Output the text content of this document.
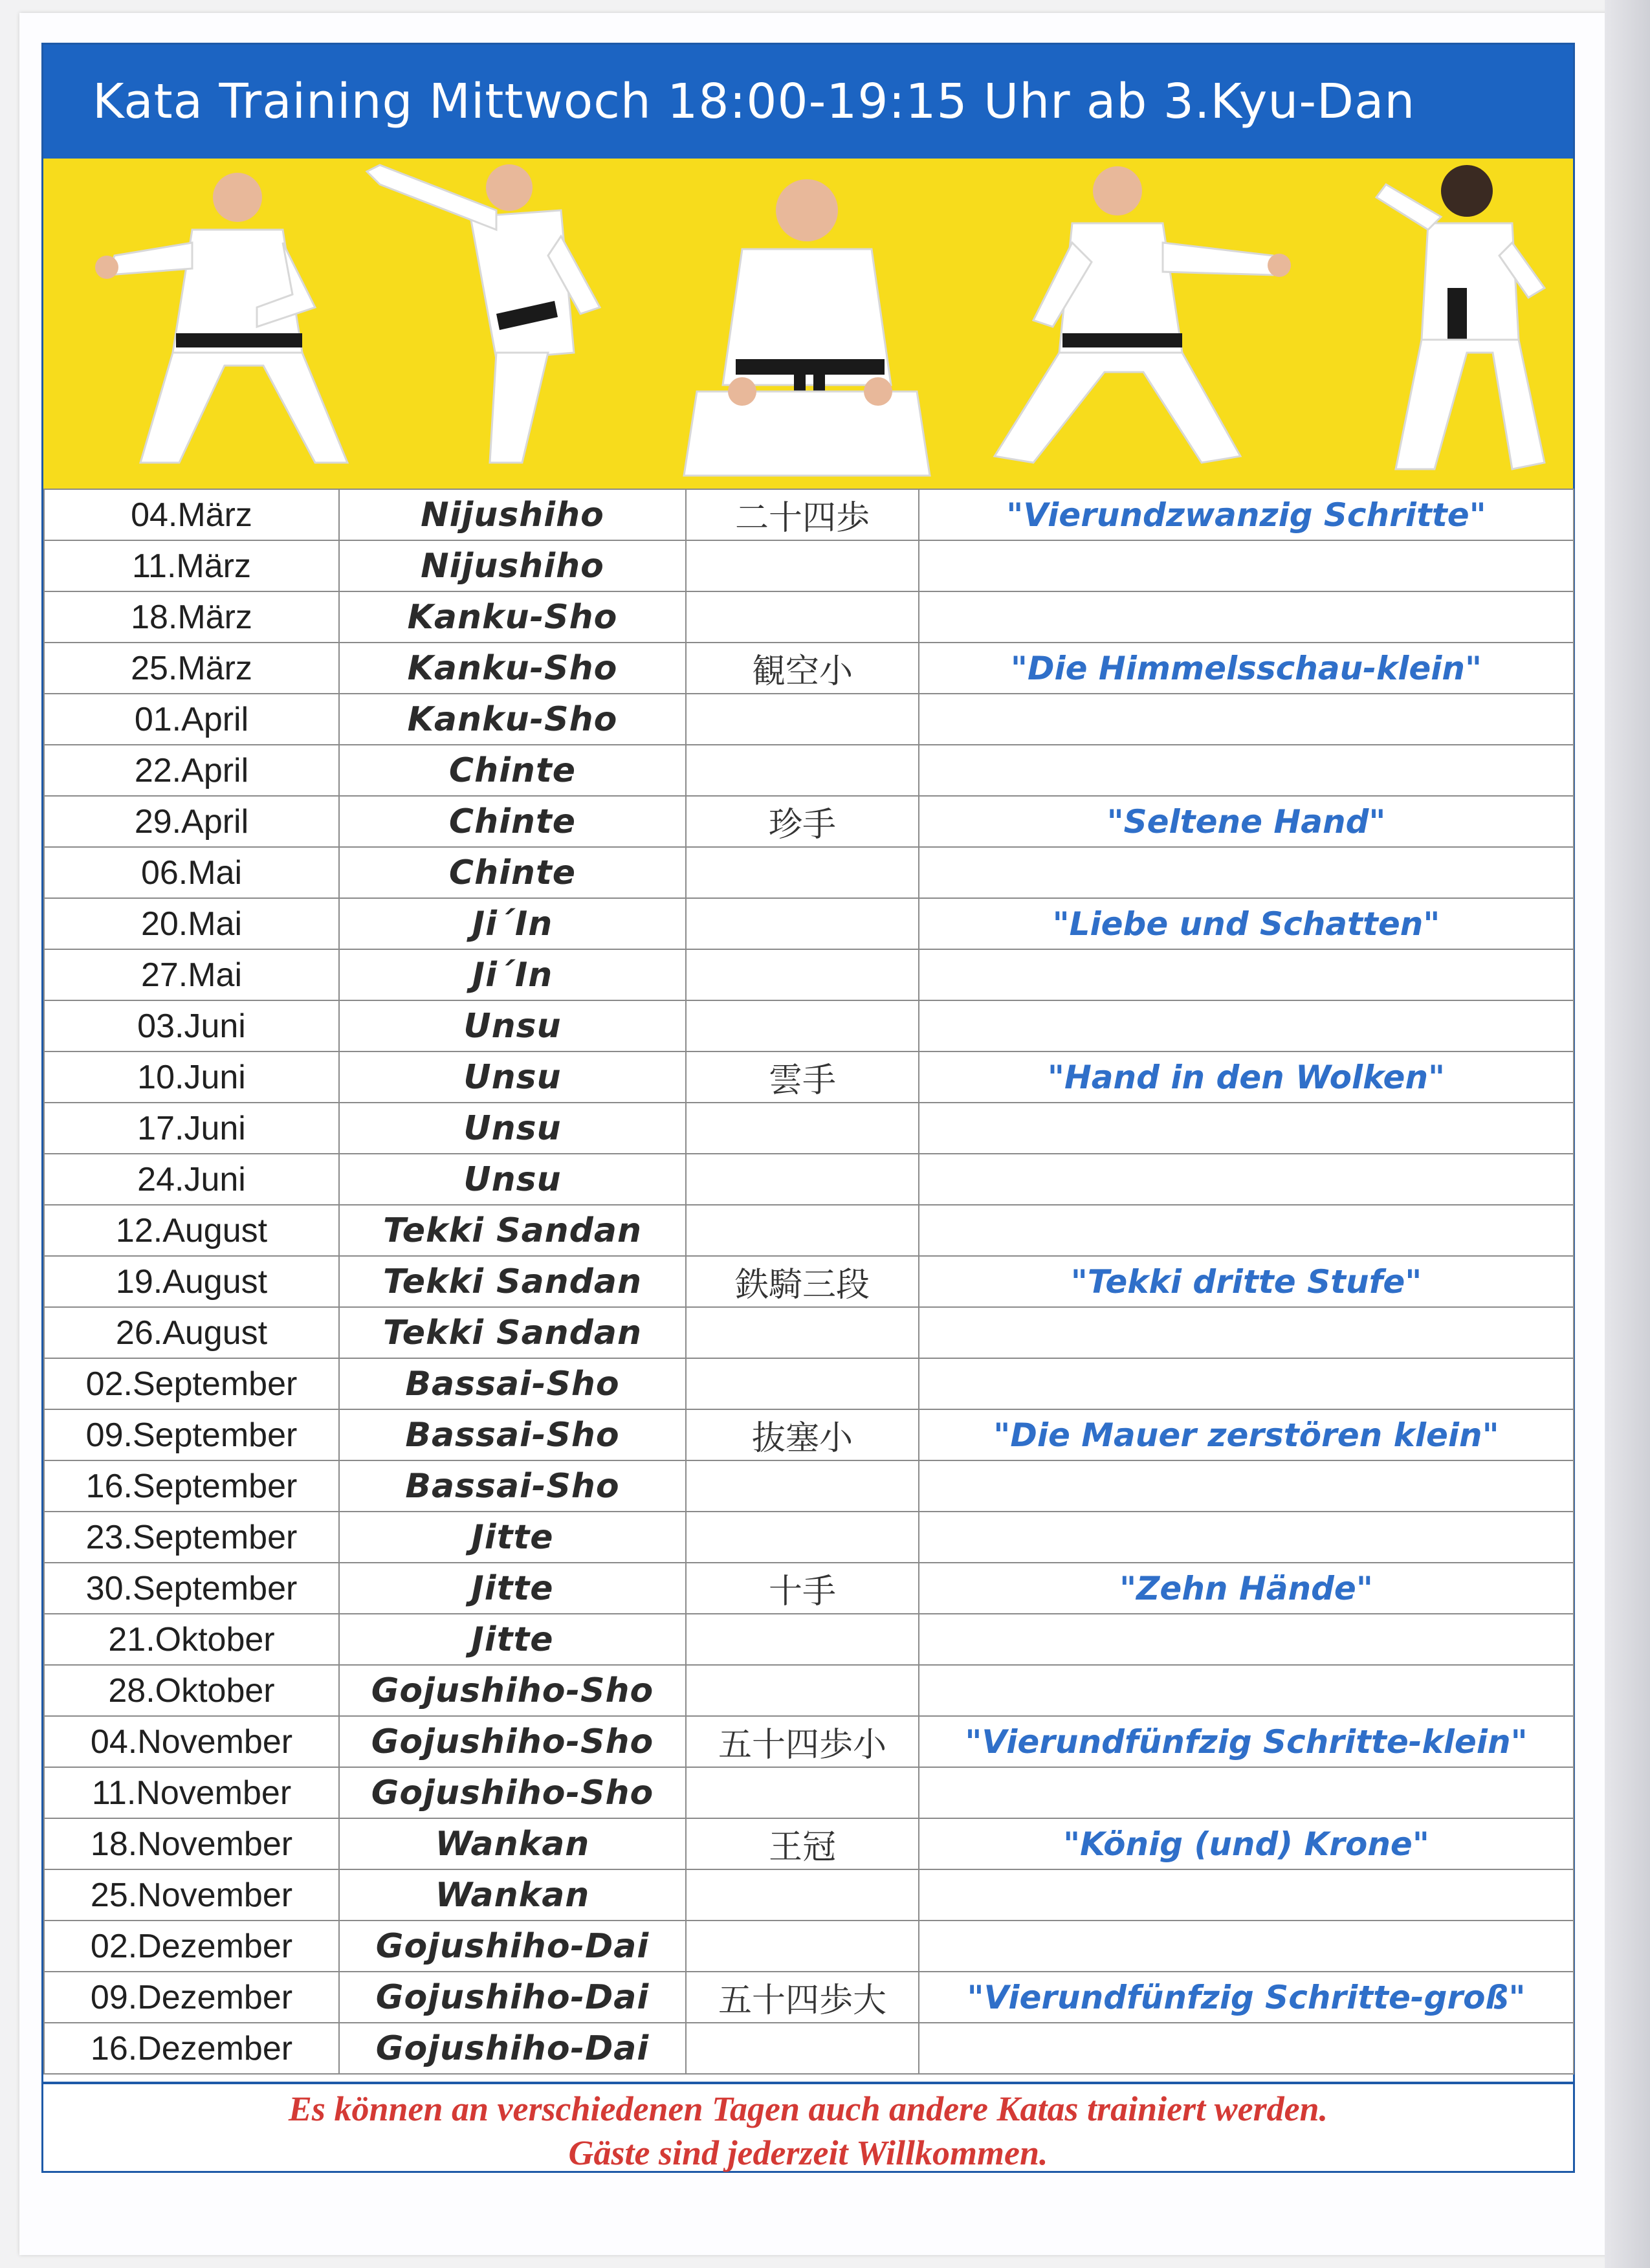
Kata Training Mittwoch 18:00-19:15 Uhr ab 3.Kyu-Dan
04.März	Nijushiho	二十四歩	"Vierundzwanzig Schritte"
11.März	Nijushiho		
18.März	Kanku-Sho		
25.März	Kanku-Sho	観空小	"Die Himmelsschau-klein"
01.April	Kanku-Sho		
22.April	Chinte		
29.April	Chinte	珍手	"Seltene Hand"
06.Mai	Chinte		
20.Mai	Ji´In		"Liebe und Schatten"
27.Mai	Ji´In		
03.Juni	Unsu		
10.Juni	Unsu	雲手	"Hand in den Wolken"
17.Juni	Unsu		
24.Juni	Unsu		
12.August	Tekki Sandan		
19.August	Tekki Sandan	鉄騎三段	"Tekki dritte Stufe"
26.August	Tekki Sandan		
02.September	Bassai-Sho		
09.September	Bassai-Sho	抜塞小	"Die Mauer zerstören klein"
16.September	Bassai-Sho		
23.September	Jitte		
30.September	Jitte	十手	"Zehn Hände"
21.Oktober	Jitte		
28.Oktober	Gojushiho-Sho		
04.November	Gojushiho-Sho	五十四歩小	"Vierundfünfzig Schritte-klein"
11.November	Gojushiho-Sho		
18.November	Wankan	王冠	"König (und) Krone"
25.November	Wankan		
02.Dezember	Gojushiho-Dai		
09.Dezember	Gojushiho-Dai	五十四歩大	"Vierundfünfzig Schritte-groß"
16.Dezember	Gojushiho-Dai		
Es können an verschiedenen Tagen auch andere Katas trainiert werden.
Gäste sind jederzeit Willkommen.
